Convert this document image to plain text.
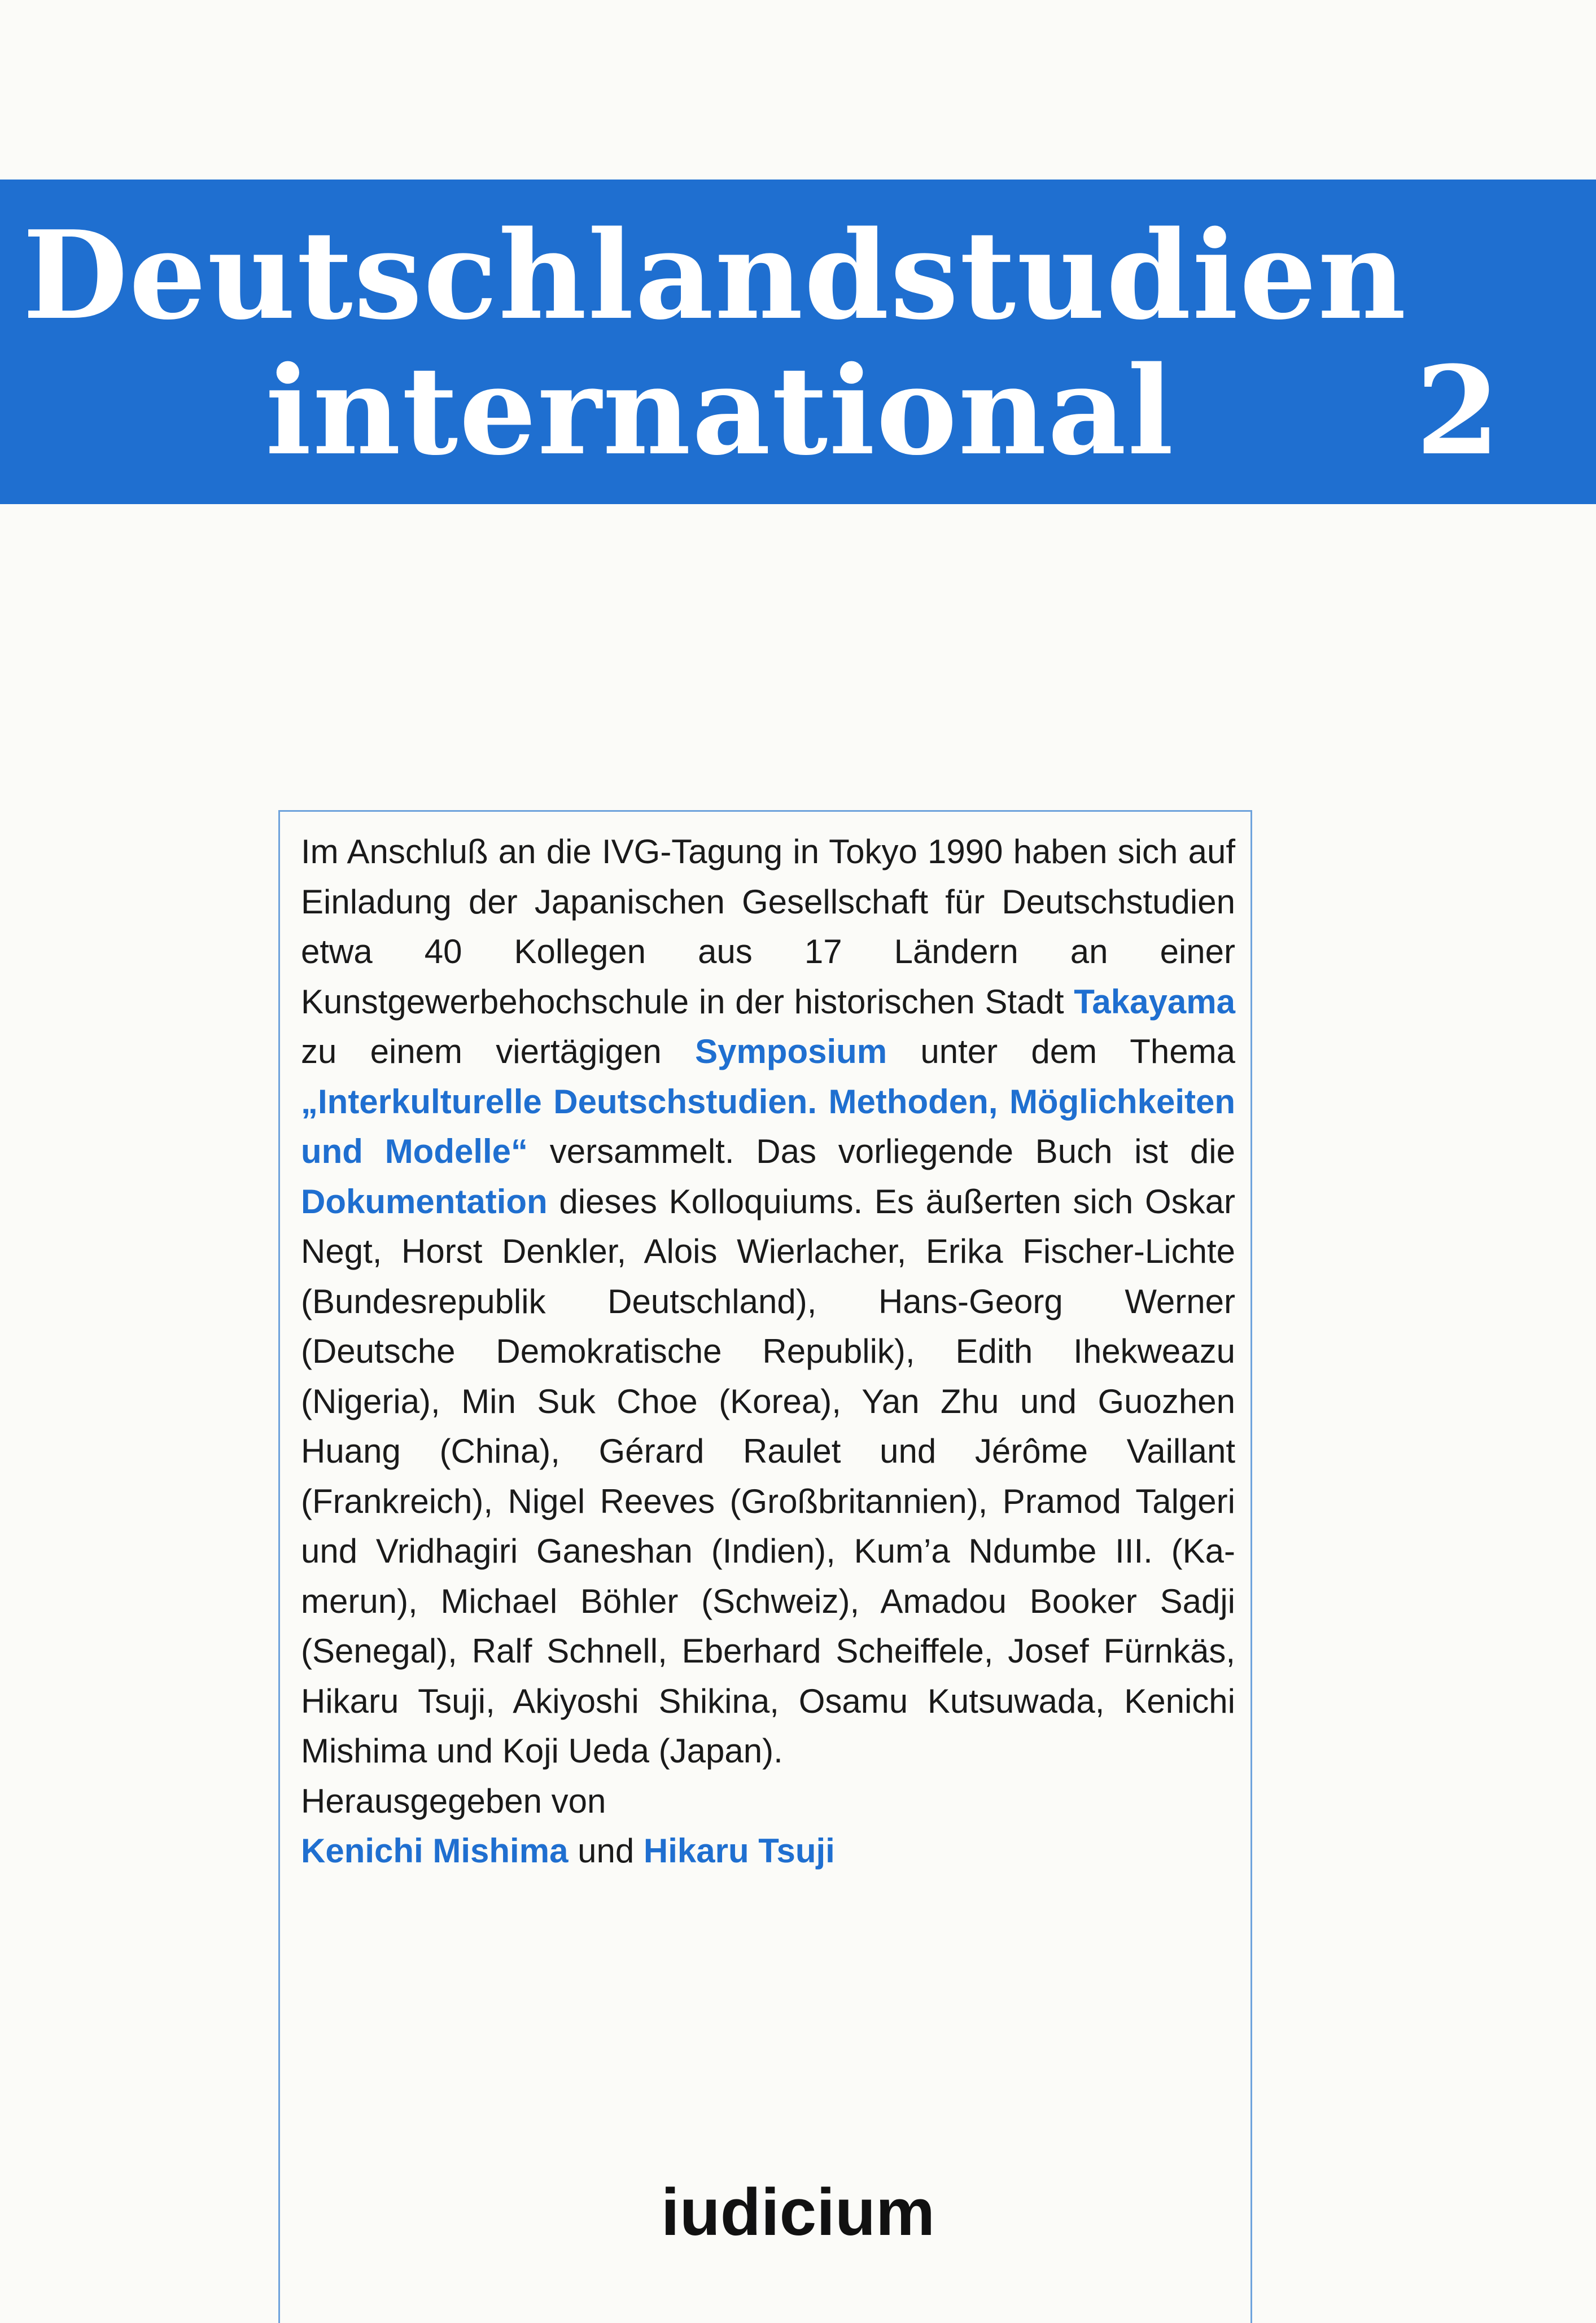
Deutschlandstudien
international 2
Im Anschluß an die IVG-Tagung in Tokyo 1990 haben sich auf Einladung der Japanischen Gesellschaft für Deutschstudien etwa 40 Kollegen aus 17 Ländern an einer Kunstgewerbehochschule in der historischen Stadt Takayama zu einem viertägigen Symposium unter dem Thema „Interkulturelle Deutschstudien. Methoden, Möglichkeiten und Modelle“ versammelt. Das vorliegende Buch ist die Dokumentation dieses Kolloquiums. Es äußerten sich Oskar Negt, Horst Denkler, Alois Wierlacher, Erika Fischer-Lichte (Bundesrepublik Deutschland), Hans-Georg Werner (Deutsche Demokratische Republik), Edith Ihekweazu (Nigeria), Min Suk Choe (Korea), Yan Zhu und Guozhen Huang (China), Gérard Raulet und Jérôme Vaillant (Frankreich), Nigel Reeves (Großbritannien), Pramod Talgeri und Vridhagiri Ganeshan (Indien), Kum’a Ndumbe III. (Kamerun), Michael Böhler (Schweiz), Amadou Booker Sadji (Senegal), Ralf Schnell, Eberhard Scheiffele, Josef Fürnkäs, Hikaru Tsuji, Akiyoshi Shikina, Osamu Kutsuwada, Kenichi Mishima und Koji Ueda (Japan).
Herausgegeben von
Kenichi Mishima und Hikaru Tsuji
iudicium
